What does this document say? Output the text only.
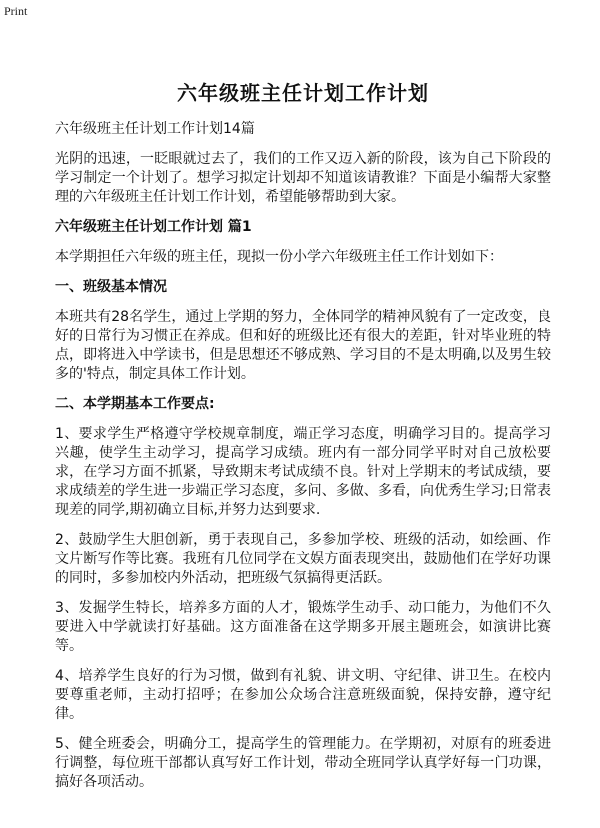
Print
六年级班主任计划工作计划

六年级班主任计划工作计划14篇

光阴的迅速，一眨眼就过去了，我们的工作又迈入新的阶段，该为自己下阶段的学习制定一个计划了。想学习拟定计划却不知道该请教谁？下面是小编帮大家整理的六年级班主任计划工作计划，希望能够帮助到大家。

六年级班主任计划工作计划 篇1

本学期担任六年级的班主任，现拟一份小学六年级班主任工作计划如下：

一、班级基本情况

本班共有28名学生，通过上学期的努力，全体同学的精神风貌有了一定改变，良好的日常行为习惯正在养成。但和好的班级比还有很大的差距，针对毕业班的特点，即将进入中学读书，但是思想还不够成熟、学习目的不是太明确,以及男生较多的'特点，制定具体工作计划。

二、本学期基本工作要点:

1、要求学生严格遵守学校规章制度，端正学习态度，明确学习目的。提高学习兴趣，使学生主动学习，提高学习成绩。班内有一部分同学平时对自己放松要求，在学习方面不抓紧，导致期末考试成绩不良。针对上学期末的考试成绩，要求成绩差的学生进一步端正学习态度，多问、多做、多看，向优秀生学习;日常表现差的同学,期初确立目标,并努力达到要求.

2、鼓励学生大胆创新，勇于表现自己，多参加学校、班级的活动，如绘画、作文片断写作等比赛。我班有几位同学在文娱方面表现突出，鼓励他们在学好功课的同时，多参加校内外活动，把班级气氛搞得更活跃。

3、发掘学生特长，培养多方面的人才，锻炼学生动手、动口能力，为他们不久要进入中学就读打好基础。这方面准备在这学期多开展主题班会，如演讲比赛等。

4、培养学生良好的行为习惯，做到有礼貌、讲文明、守纪律、讲卫生。在校内要尊重老师，主动打招呼；在参加公众场合注意班级面貌，保持安静，遵守纪律。

5、健全班委会，明确分工，提高学生的管理能力。在学期初，对原有的班委进行调整，每位班干部都认真写好工作计划，带动全班同学认真学好每一门功课，搞好各项活动。
